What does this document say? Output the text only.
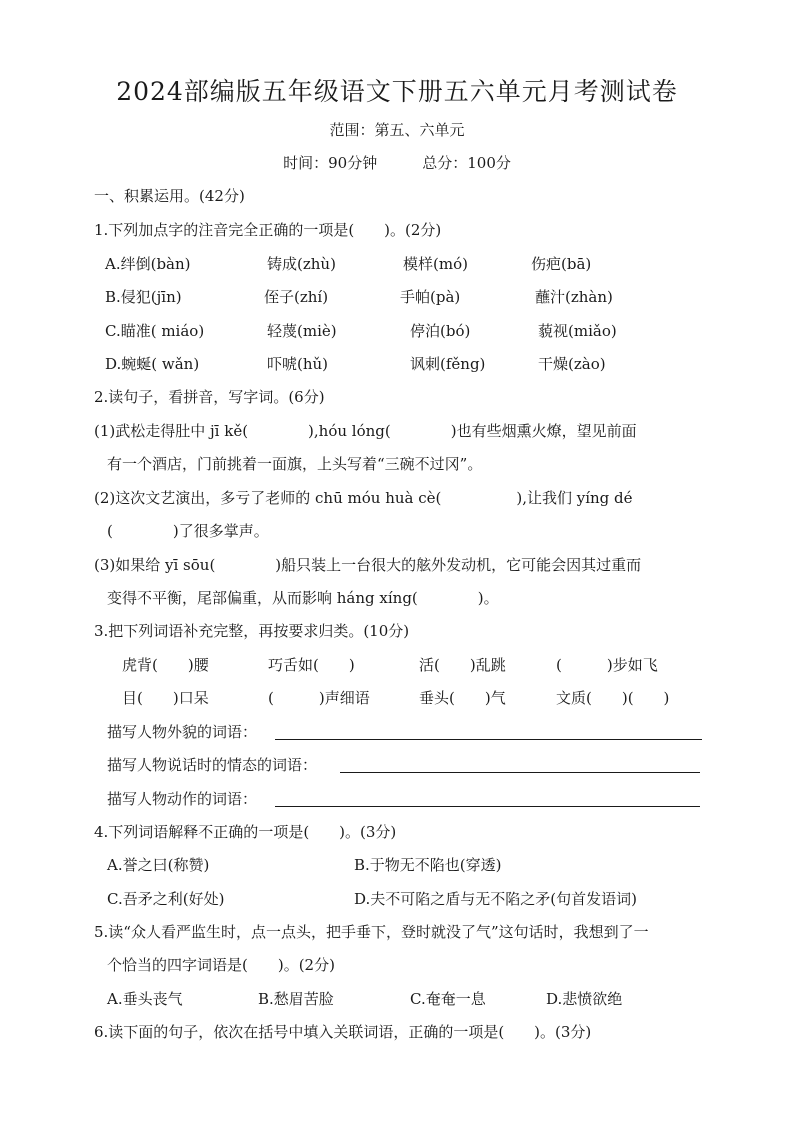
2024部编版五年级语文下册五六单元月考测试卷
范围：第五、六单元
时间：90分钟　　　总分：100分
一、积累运用。(42分)
1.下列加点字的注音完全正确的一项是(　　)。(2分)
A.绊倒(bàn)	铸成(zhù)	模样(mó)	伤疤(bā)
B.侵犯(jīn)	侄子(zhí)	手帕(pà)	蘸汁(zhàn)
C.瞄准( miáo)	轻蔑(miè)	停泊(bó)	藐视(miǎo)
D.蜿蜒( wǎn)	吓唬(hǔ)	讽刺(fěng)	干燥(zào)
2.读句子，看拼音，写字词。(6分)
(1)武松走得肚中 jī kě(　　　　),hóu lóng(　　　　)也有些烟熏火燎，望见前面
有一个酒店，门前挑着一面旗，上头写着“三碗不过冈”。
(2)这次文艺演出，多亏了老师的 chū móu huà cè(　　　　　),让我们 yíng dé
(　　　　)了很多掌声。
(3)如果给 yī sōu(　　　　)船只装上一台很大的舷外发动机，它可能会因其过重而
变得不平衡，尾部偏重，从而影响 háng xíng(　　　　)。
3.把下列词语补充完整，再按要求归类。(10分)
虎背(　　)腰	巧舌如(　　)	活(　　)乱跳	(　　　)步如飞
目(　　)口呆	(　　　)声细语	垂头(　　)气	文质(　　)(　　)
描写人物外貌的词语：
描写人物说话时的情态的词语：
描写人物动作的词语：
4.下列词语解释不正确的一项是(　　)。(3分)
A.誉之曰(称赞)	B.于物无不陷也(穿透)
C.吾矛之利(好处)	D.夫不可陷之盾与无不陷之矛(句首发语词)
5.读“众人看严监生时，点一点头，把手垂下，登时就没了气”这句话时，我想到了一
个恰当的四字词语是(　　)。(2分)
A.垂头丧气	B.愁眉苦脸	C.奄奄一息	D.悲愤欲绝
6.读下面的句子，依次在括号中填入关联词语，正确的一项是(　　)。(3分)
